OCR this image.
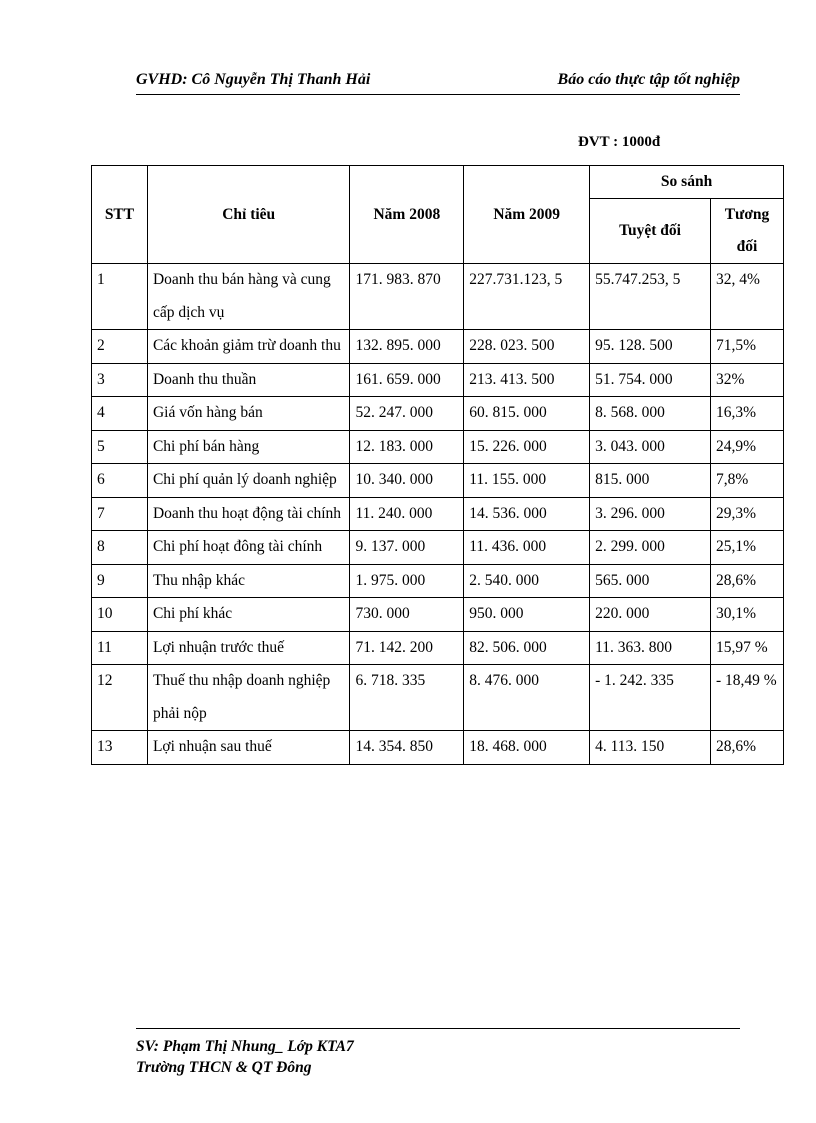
GVHD: Cô Nguyễn Thị Thanh Hải	Báo cáo thực tập tốt nghiệp
ĐVT : 1000đ
STT	Chỉ tiêu	Năm 2008	Năm 2009	So sánh	
				Tuyệt đối	Tương đối
1	Doanh thu bán hàng và cung cấp dịch vụ	171. 983. 870	227.731.123, 5	55.747.253, 5	32, 4%
2	Các khoản giảm trừ doanh thu	132. 895. 000	228. 023. 500	95. 128. 500	71,5%
3	Doanh thu thuần	161. 659. 000	213. 413. 500	51. 754. 000	32%
4	Giá vốn hàng bán	52. 247. 000	60. 815. 000	8. 568. 000	16,3%
5	Chi phí bán hàng	12. 183. 000	15. 226. 000	3. 043. 000	24,9%
6	Chi phí quản lý doanh nghiệp	10. 340. 000	11. 155. 000	815. 000	7,8%
7	Doanh thu hoạt động tài chính	11. 240. 000	14. 536. 000	3. 296. 000	29,3%
8	Chi phí hoạt đông tài chính	9. 137. 000	11. 436. 000	2. 299. 000	25,1%
9	Thu nhập khác	1. 975. 000	2. 540. 000	565. 000	28,6%
10	Chi phí khác	730. 000	950. 000	220. 000	30,1%
11	Lợi nhuận trước thuế	71. 142. 200	82. 506. 000	11. 363. 800	15,97 %
12	Thuế thu nhập doanh nghiệp phải nộp	6. 718. 335	8. 476. 000	- 1. 242. 335	- 18,49 %
13	Lợi nhuận sau thuế	14. 354. 850	18. 468. 000	4. 113. 150	28,6%
SV: Phạm Thị Nhung_ Lớp KTA7
Trường THCN & QT Đông
